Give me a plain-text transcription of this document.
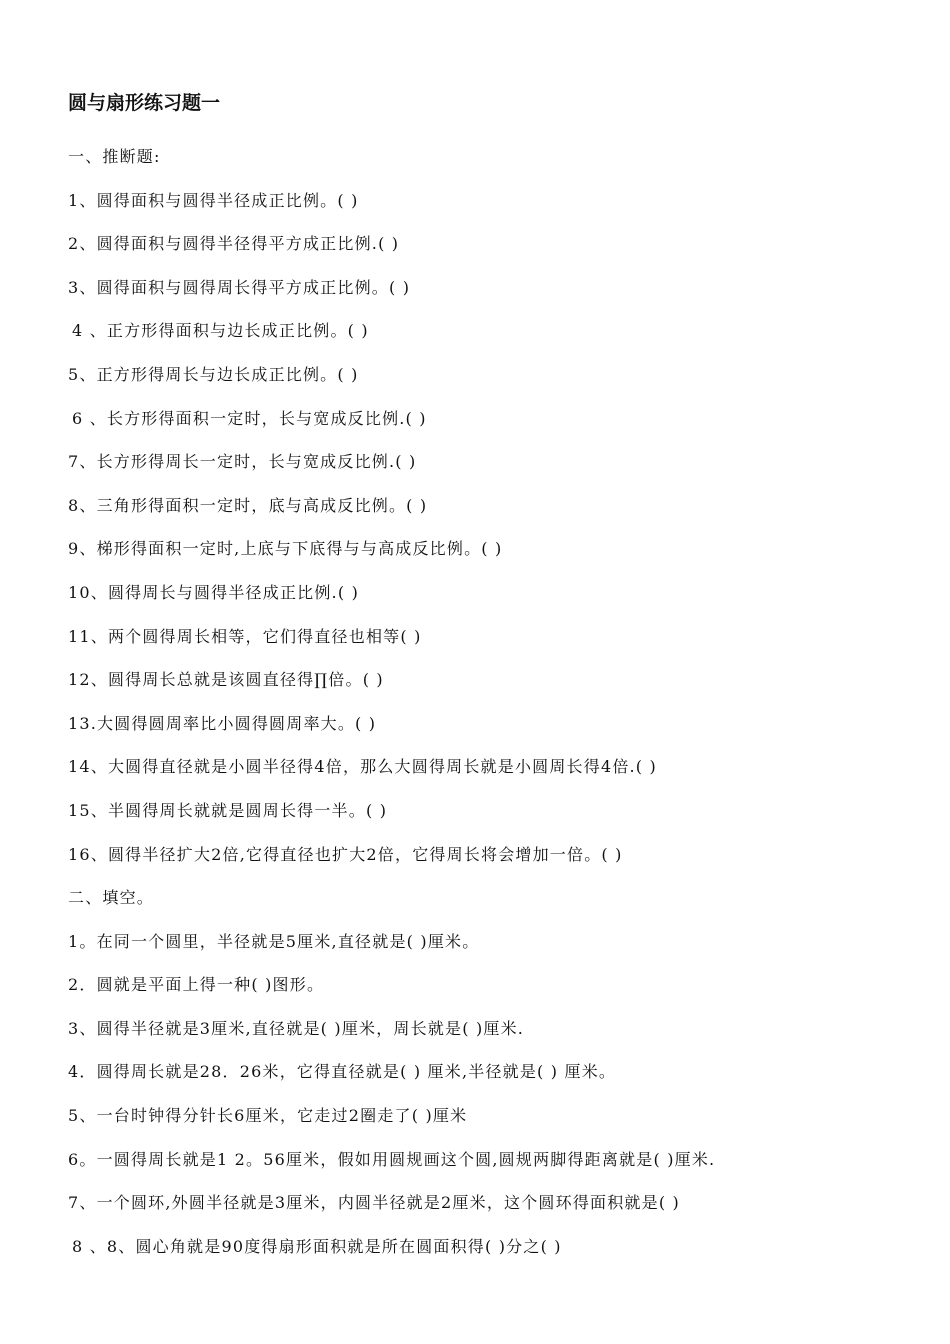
圆与扇形练习题一
一、推断题:
1、圆得面积与圆得半径成正比例。( )
2、圆得面积与圆得半径得平方成正比例.( )
3、圆得面积与圆得周长得平方成正比例。( )
4 、正方形得面积与边长成正比例。( )
5、正方形得周长与边长成正比例。( )
6 、长方形得面积一定时，长与宽成反比例.( )
7、长方形得周长一定时，长与宽成反比例.( )
8、三角形得面积一定时，底与高成反比例。( )
9、梯形得面积一定时,上底与下底得与与高成反比例。( )
10、圆得周长与圆得半径成正比例.( )
11、两个圆得周长相等，它们得直径也相等( )
12、圆得周长总就是该圆直径得∏倍。( )
13.大圆得圆周率比小圆得圆周率大。( )
14、大圆得直径就是小圆半径得4倍，那么大圆得周长就是小圆周长得4倍.( )
15、半圆得周长就就是圆周长得一半。( )
16、圆得半径扩大2倍,它得直径也扩大2倍，它得周长将会增加一倍。( )
二、填空。
1。在同一个圆里，半径就是5厘米,直径就是( )厘米。
2．圆就是平面上得一种( )图形。
3、圆得半径就是3厘米,直径就是( )厘米，周长就是( )厘米.
4．圆得周长就是28．26米，它得直径就是( ) 厘米,半径就是( ) 厘米。
5、一台时钟得分针长6厘米，它走过2圈走了( )厘米
6。一圆得周长就是1 2。56厘米，假如用圆规画这个圆,圆规两脚得距离就是( )厘米.
7、一个圆环,外圆半径就是3厘米，内圆半径就是2厘米，这个圆环得面积就是( )
8 、8、圆心角就是90度得扇形面积就是所在圆面积得( )分之( )
